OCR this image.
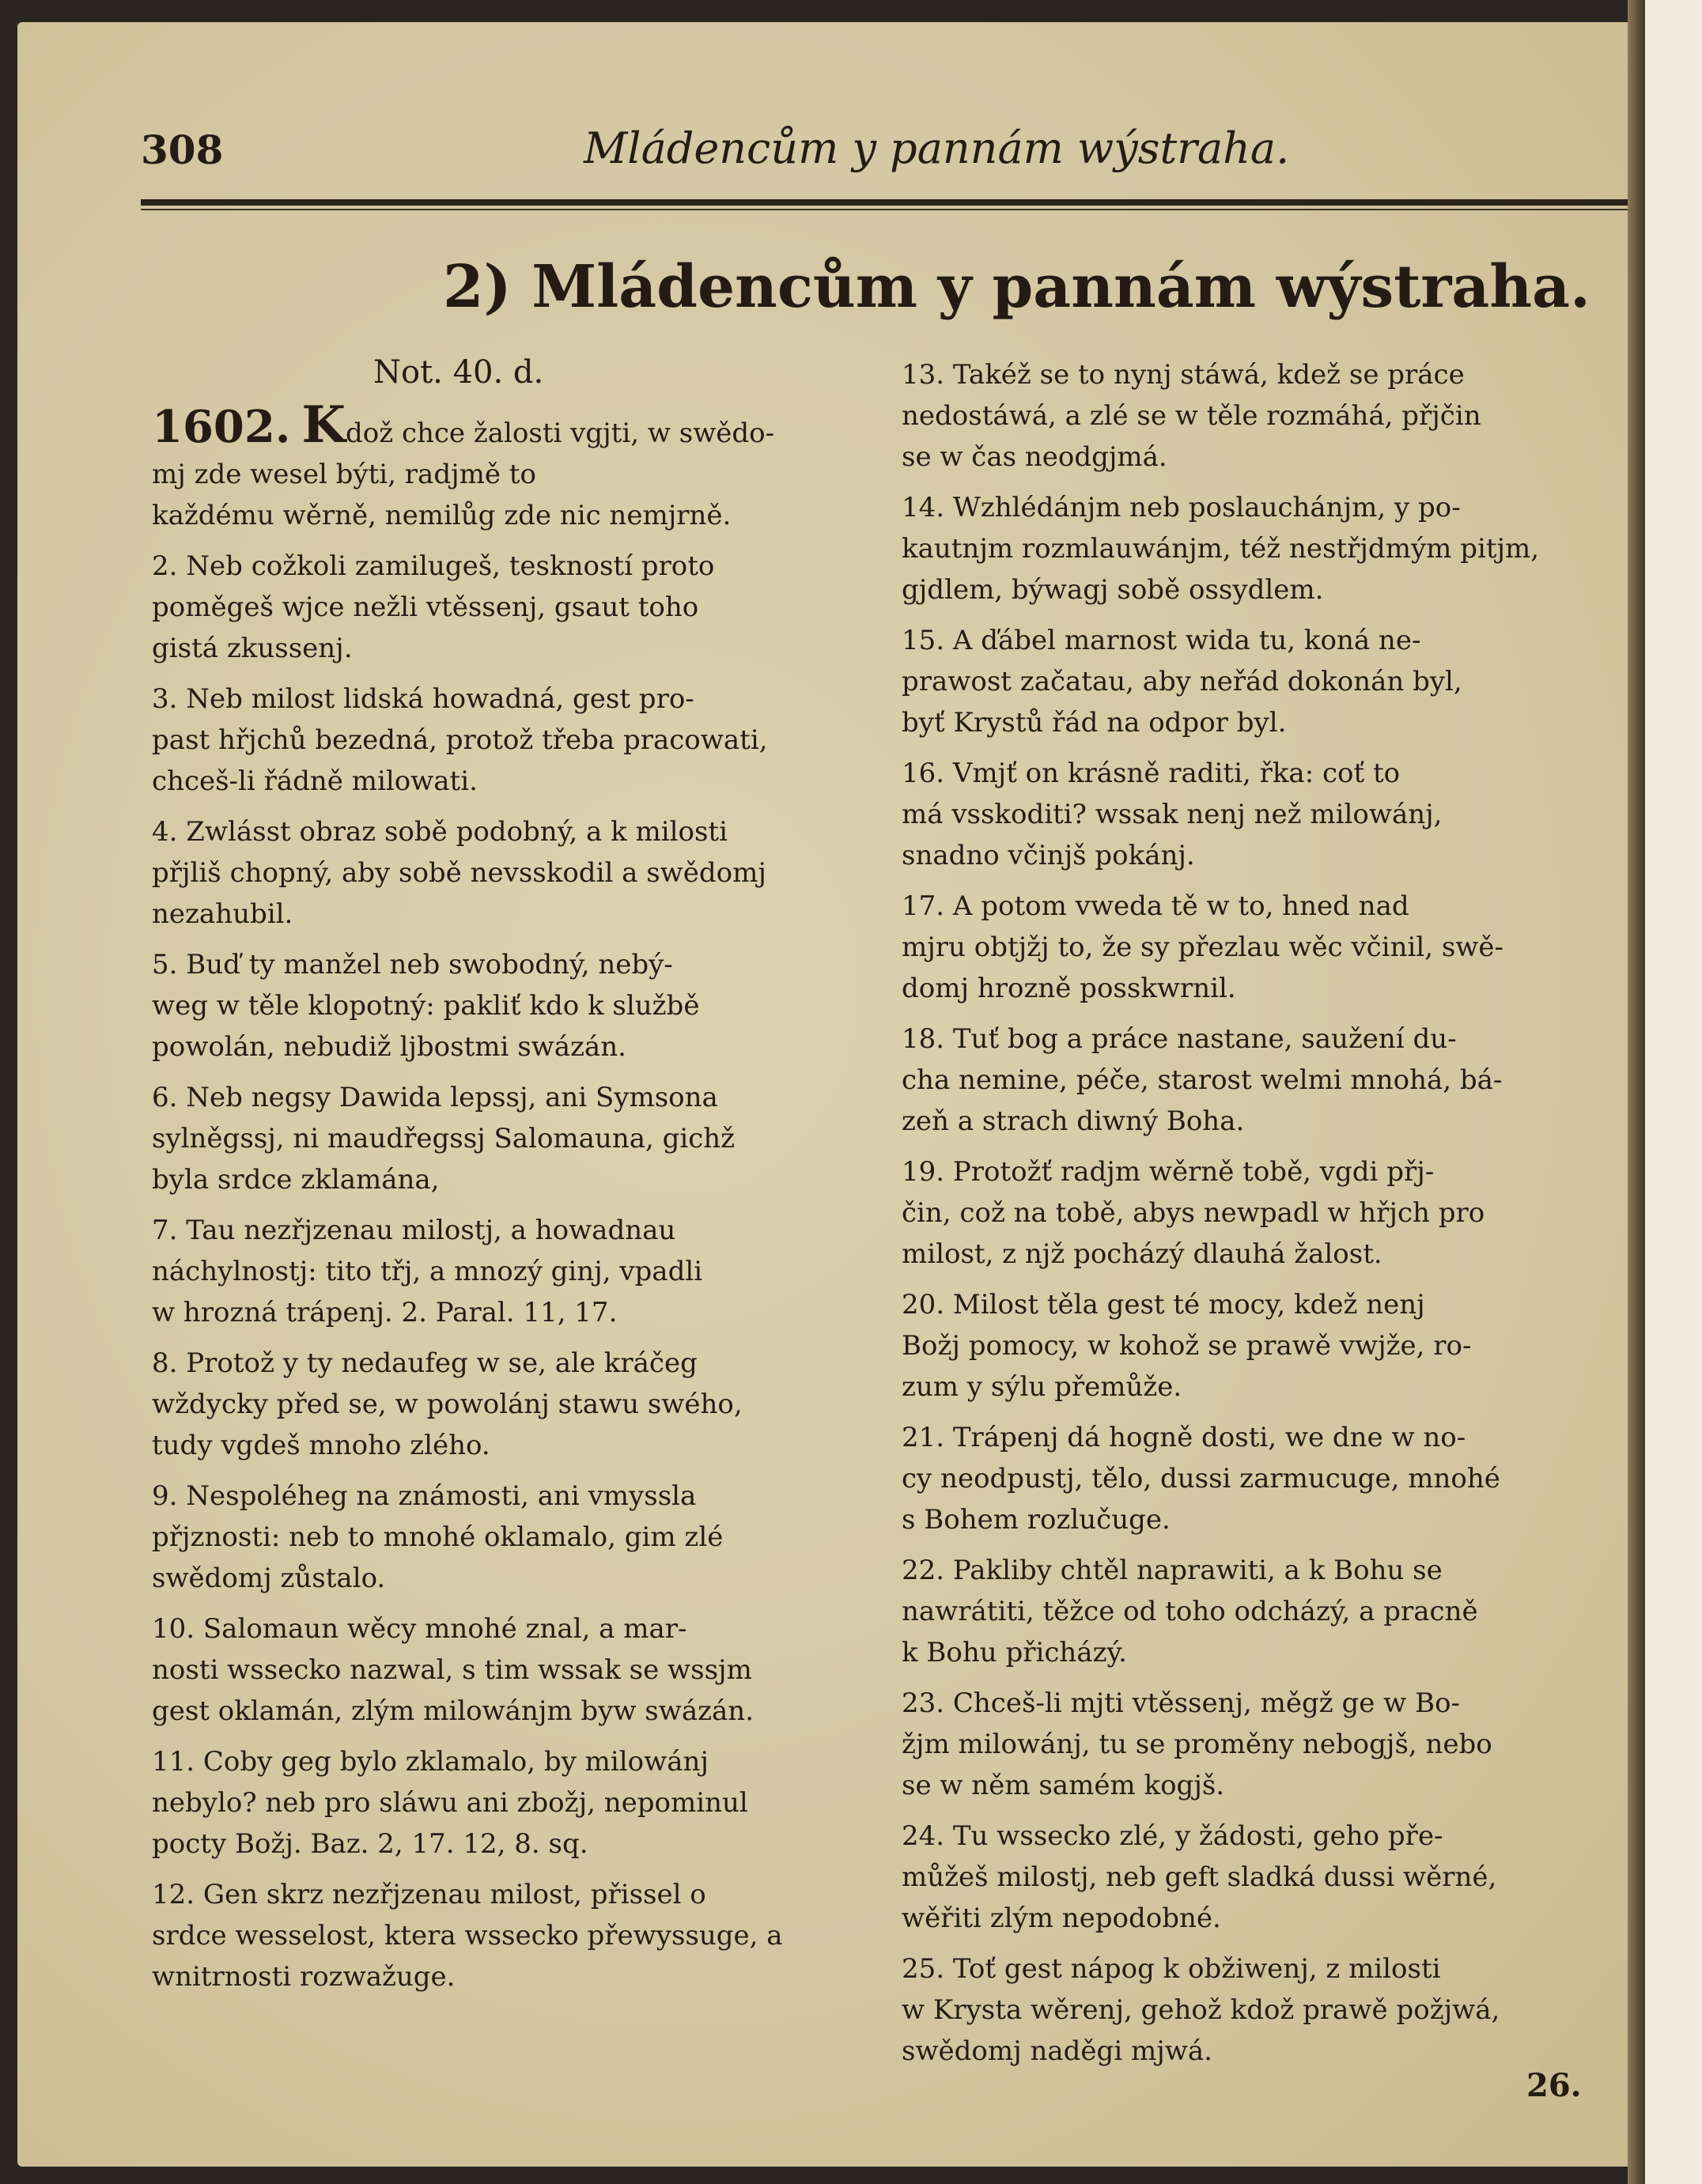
308	Mládencům y pannám wýstraha.
2) Mládencům y pannám wýstraha.
Not. 40. d.
1602. Kdož chce žalosti vgjti, w swědo-
mj zde wesel býti, radjmě to
každému wěrně, nemilůg zde nic nemjrně.
2. Neb cožkoli zamilugeš, teskností proto
poměgeš wjce nežli vtěssenj, gsaut toho
gistá zkussenj.
3. Neb milost lidská howadná, gest pro-
past hřjchů bezedná, protož třeba pracowati,
chceš-li řádně milowati.
4. Zwlásst obraz sobě podobný, a k milosti
přjliš chopný, aby sobě nevsskodil a swědomj
nezahubil.
5. Buď ty manžel neb swobodný, nebý-
weg w těle klopotný: pakliť kdo k službě
powolán, nebudiž ljbostmi swázán.
6. Neb negsy Dawida lepssj, ani Symsona
sylněgssj, ni maudřegssj Salomauna, gichž
byla srdce zklamána,
7. Tau nezřjzenau milostj, a howadnau
náchylnostj: tito třj, a mnozý ginj, vpadli
w hrozná trápenj. 2. Paral. 11, 17.
8. Protož y ty nedaufeg w se, ale kráčeg
wždycky před se, w powolánj stawu swého,
tudy vgdeš mnoho zlého.
9. Nespoléheg na známosti, ani vmyssla
přjznosti: neb to mnohé oklamalo, gim zlé
swědomj zůstalo.
10. Salomaun wěcy mnohé znal, a mar-
nosti wssecko nazwal, s tim wssak se wssjm
gest oklamán, zlým milowánjm byw swázán.
11. Coby geg bylo zklamalo, by milowánj
nebylo? neb pro sláwu ani zbožj, nepominul
pocty Božj. Baz. 2, 17. 12, 8. sq.
12. Gen skrz nezřjzenau milost, přissel o
srdce wesselost, ktera wssecko přewyssuge, a
wnitrnosti rozwažuge.
13. Takéž se to nynj stáwá, kdež se práce
nedostáwá, a zlé se w těle rozmáhá, přjčin
se w čas neodgjmá.
14. Wzhlédánjm neb poslauchánjm, y po-
kautnjm rozmlauwánjm, též nestřjdmým pitjm,
gjdlem, býwagj sobě ossydlem.
15. A ďábel marnost wida tu, koná ne-
prawost začatau, aby neřád dokonán byl,
byť Krystů řád na odpor byl.
16. Vmjť on krásně raditi, řka: coť to
má vsskoditi? wssak nenj než milowánj,
snadno včinjš pokánj.
17. A potom vweda tě w to, hned nad
mjru obtjžj to, že sy přezlau wěc včinil, swě-
domj hrozně posskwrnil.
18. Tuť bog a práce nastane, saužení du-
cha nemine, péče, starost welmi mnohá, bá-
zeň a strach diwný Boha.
19. Protožť radjm wěrně tobě, vgdi přj-
čin, což na tobě, abys newpadl w hřjch pro
milost, z njž pocházý dlauhá žalost.
20. Milost těla gest té mocy, kdež nenj
Božj pomocy, w kohož se prawě vwjže, ro-
zum y sýlu přemůže.
21. Trápenj dá hogně dosti, we dne w no-
cy neodpustj, tělo, dussi zarmucuge, mnohé
s Bohem rozlučuge.
22. Pakliby chtěl naprawiti, a k Bohu se
nawrátiti, těžce od toho odcházý, a pracně
k Bohu přicházý.
23. Chceš-li mjti vtěssenj, měgž ge w Bo-
žjm milowánj, tu se proměny nebogjš, nebo
se w něm samém kogjš.
24. Tu wssecko zlé, y žádosti, geho pře-
můžeš milostj, neb geft sladká dussi wěrné,
wěřiti zlým nepodobné.
25. Toť gest nápog k obžiwenj, z milosti
w Krysta wěrenj, gehož kdož prawě požjwá,
swědomj naděgi mjwá.
26.
